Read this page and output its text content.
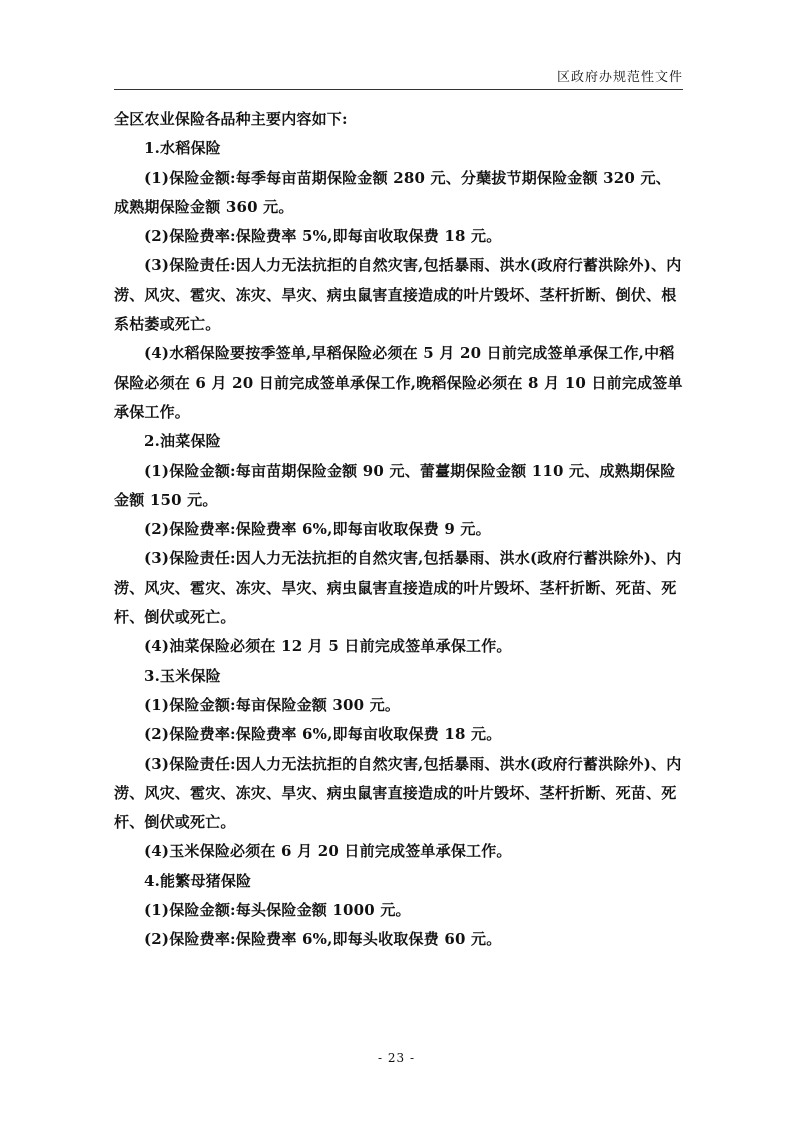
区政府办规范性文件

全区农业保险各品种主要内容如下:

1.水稻保险

(1)保险金额:每季每亩苗期保险金额 280 元、分蘖拔节期保险金额 320 元、成熟期保险金额 360 元。

(2)保险费率:保险费率 5%,即每亩收取保费 18 元。

(3)保险责任:因人力无法抗拒的自然灾害,包括暴雨、洪水(政府行蓄洪除外)、内涝、风灾、雹灾、冻灾、旱灾、病虫鼠害直接造成的叶片毁坏、茎杆折断、倒伏、根系枯萎或死亡。

(4)水稻保险要按季签单,早稻保险必须在 5 月 20 日前完成签单承保工作,中稻保险必须在 6 月 20 日前完成签单承保工作,晚稻保险必须在 8 月 10 日前完成签单承保工作。

2.油菜保险

(1)保险金额:每亩苗期保险金额 90 元、蕾薹期保险金额 110 元、成熟期保险金额 150 元。

(2)保险费率:保险费率 6%,即每亩收取保费 9 元。

(3)保险责任:因人力无法抗拒的自然灾害,包括暴雨、洪水(政府行蓄洪除外)、内涝、风灾、雹灾、冻灾、旱灾、病虫鼠害直接造成的叶片毁坏、茎杆折断、死苗、死杆、倒伏或死亡。

(4)油菜保险必须在 12 月 5 日前完成签单承保工作。

3.玉米保险

(1)保险金额:每亩保险金额 300 元。

(2)保险费率:保险费率 6%,即每亩收取保费 18 元。

(3)保险责任:因人力无法抗拒的自然灾害,包括暴雨、洪水(政府行蓄洪除外)、内涝、风灾、雹灾、冻灾、旱灾、病虫鼠害直接造成的叶片毁坏、茎杆折断、死苗、死杆、倒伏或死亡。

(4)玉米保险必须在 6 月 20 日前完成签单承保工作。

4.能繁母猪保险

(1)保险金额:每头保险金额 1000 元。

(2)保险费率:保险费率 6%,即每头收取保费 60 元。

- 23 -
